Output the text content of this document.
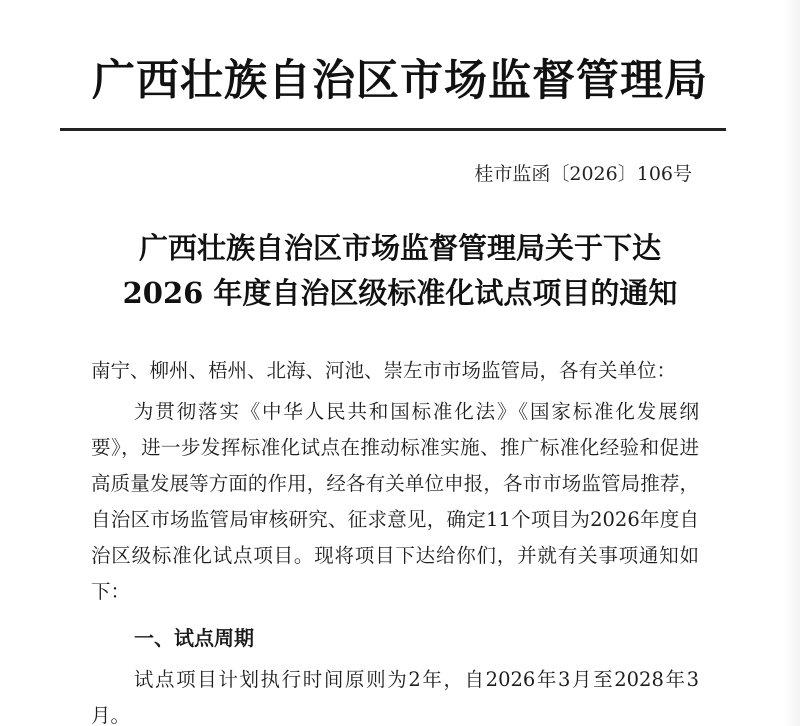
广西壮族自治区市场监督管理局
桂市监函〔2026〕106号
广西壮族自治区市场监督管理局关于下达
2026 年度自治区级标准化试点项目的通知

南宁、柳州、梧州、北海、河池、崇左市市场监管局，各有关单位：

为贯彻落实《中华人民共和国标准化法》《国家标准化发展纲要》，进一步发挥标准化试点在推动标准实施、推广标准化经验和促进高质量发展等方面的作用，经各有关单位申报，各市市场监管局推荐，自治区市场监管局审核研究、征求意见，确定11个项目为2026年度自治区级标准化试点项目。现将项目下达给你们，并就有关事项通知如下：

一、试点周期

试点项目计划执行时间原则为2年，自2026年3月至2028年3月。
